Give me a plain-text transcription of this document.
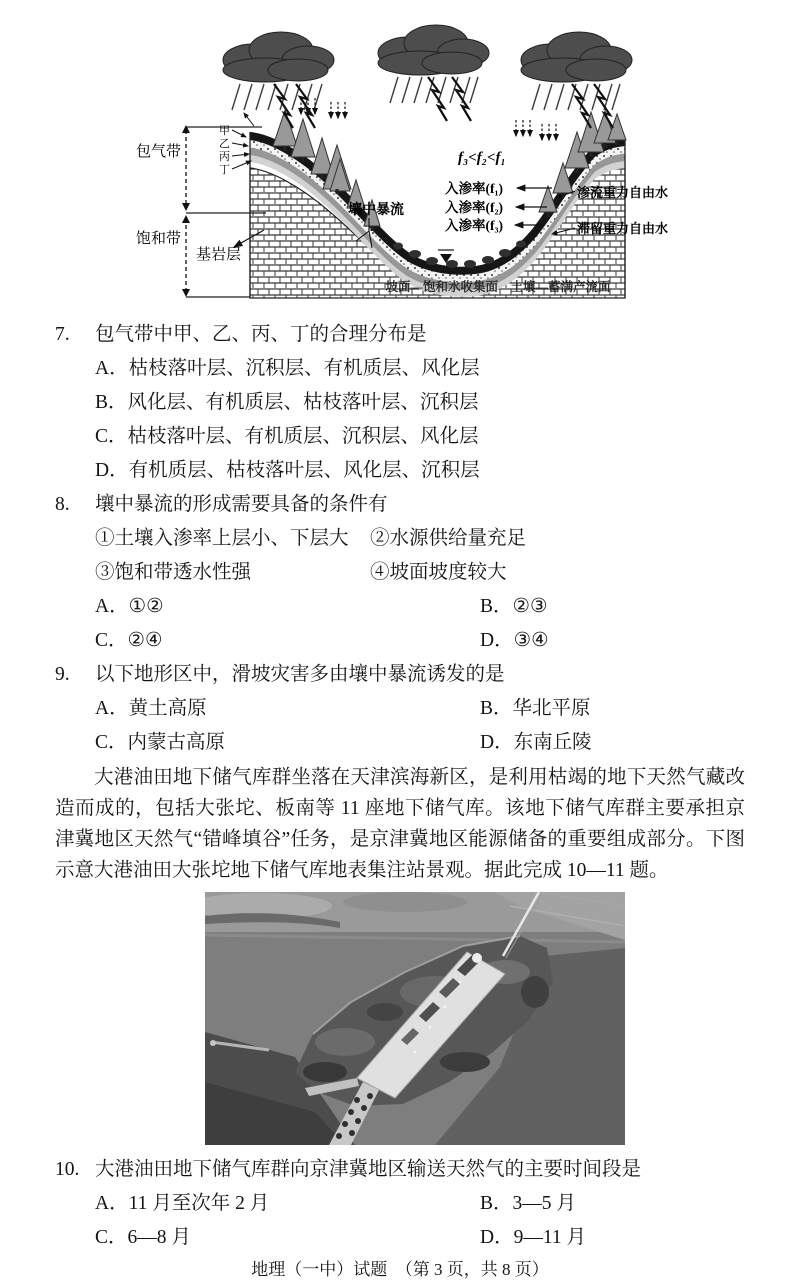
包气带
饱和带
甲
乙
丙
丁
基岩层
壤中暴流
f₃<f₂<f₁
入渗率(f₁)
入渗率(f₂)
入渗率(f₃)
渗流重力自由水
滞留重力自由水
坡面—饱和水收集面　土壤—蓄满产流面
7. 包气带中甲、乙、丙、丁的合理分布是
A．枯枝落叶层、沉积层、有机质层、风化层
B．风化层、有机质层、枯枝落叶层、沉积层
C．枯枝落叶层、有机质层、沉积层、风化层
D．有机质层、枯枝落叶层、风化层、沉积层
8. 壤中暴流的形成需要具备的条件有
①土壤入渗率上层小、下层大	②水源供给量充足
③饱和带透水性强	④坡面坡度较大
A．①②	B．②③
C．②④	D．③④
9. 以下地形区中，滑坡灾害多由壤中暴流诱发的是
A．黄土高原	B．华北平原
C．内蒙古高原	D．东南丘陵
大港油田地下储气库群坐落在天津滨海新区，是利用枯竭的地下天然气藏改造而成的，包括大张坨、板南等 11 座地下储气库。该地下储气库群主要承担京津冀地区天然气“错峰填谷”任务，是京津冀地区能源储备的重要组成部分。下图示意大港油田大张坨地下储气库地表集注站景观。据此完成 10—11 题。
10. 大港油田地下储气库群向京津冀地区输送天然气的主要时间段是
A．11 月至次年 2 月	B．3—5 月
C．6—8 月	D．9—11 月
地理（一中）试题　（第 3 页，共 8 页）
